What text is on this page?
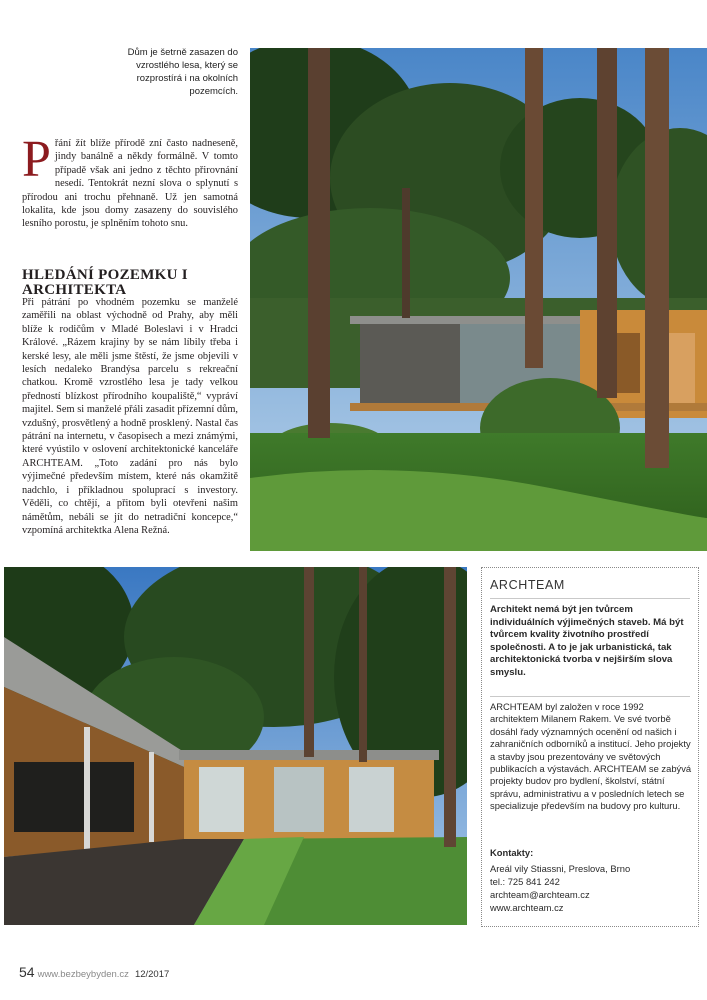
Dům je šetrně zasazen do vzrostlého lesa, který se rozprostírá i na okolních pozemcích.
Přání žít blíže přírodě zní často nadneseně, jindy banálně a někdy formálně. V tomto případě však ani jedno z těchto přirovnání nesedí. Tentokrát nezní slova o splynutí s přírodou ani trochu přehnaně. Už jen samotná lokalita, kde jsou domy zasazeny do souvislého lesního porostu, je splněním tohoto snu.
HLEDÁNÍ POZEMKU I ARCHITEKTA
Při pátrání po vhodném pozemku se manželé zaměřili na oblast východně od Prahy, aby měli blíže k rodičům v Mladé Boleslavi i v Hradci Králové. „Rázem krajiny by se nám líbily třeba i kerské lesy, ale měli jsme štěstí, že jsme objevili v lesích nedaleko Brandýsa parcelu s rekreační chatkou. Kromě vzrostlého lesa je tady velkou předností blízkost přírodního koupaliště,“ vypráví majitel. Sem si manželé přáli zasadit přízemní dům, vzdušný, prosvětlený a hodně prosklený. Nastal čas pátrání na internetu, v časopisech a mezi známými, které vyústilo v oslovení architektonické kanceláře ARCHTEAM. „Toto zadání pro nás bylo výjimečné především místem, které nás okamžitě nadchlo, i příkladnou spoluprací s investory. Věděli, co chtějí, a přitom byli otevřeni našim námětům, nebáli se jít do netradiční koncepce,“ vzpomíná architektka Alena Režná.
ARCHTEAM
Architekt nemá být jen tvůrcem individuálních výjimečných staveb. Má být tvůrcem kvality životního prostředí společnosti. A to je jak urbanistická, tak architektonická tvorba v nejširším slova smyslu.
ARCHTEAM byl založen v roce 1992 architektem Milanem Rakem. Ve své tvorbě dosáhl řady významných ocenění od našich i zahraničních odborníků a institucí. Jeho projekty a stavby jsou prezentovány ve světových publikacích a výstavách. ARCHTEAM se zabývá projekty budov pro bydlení, školství, státní správu, administrativu a v posledních letech se specializuje především na budovy pro kulturu.
Kontakty:
Areál vily Stiassni, Preslova, Brno
tel.: 725 841 242
archteam@archteam.cz
www.archteam.cz
54 www.bezbeybyden.cz 12/2017
